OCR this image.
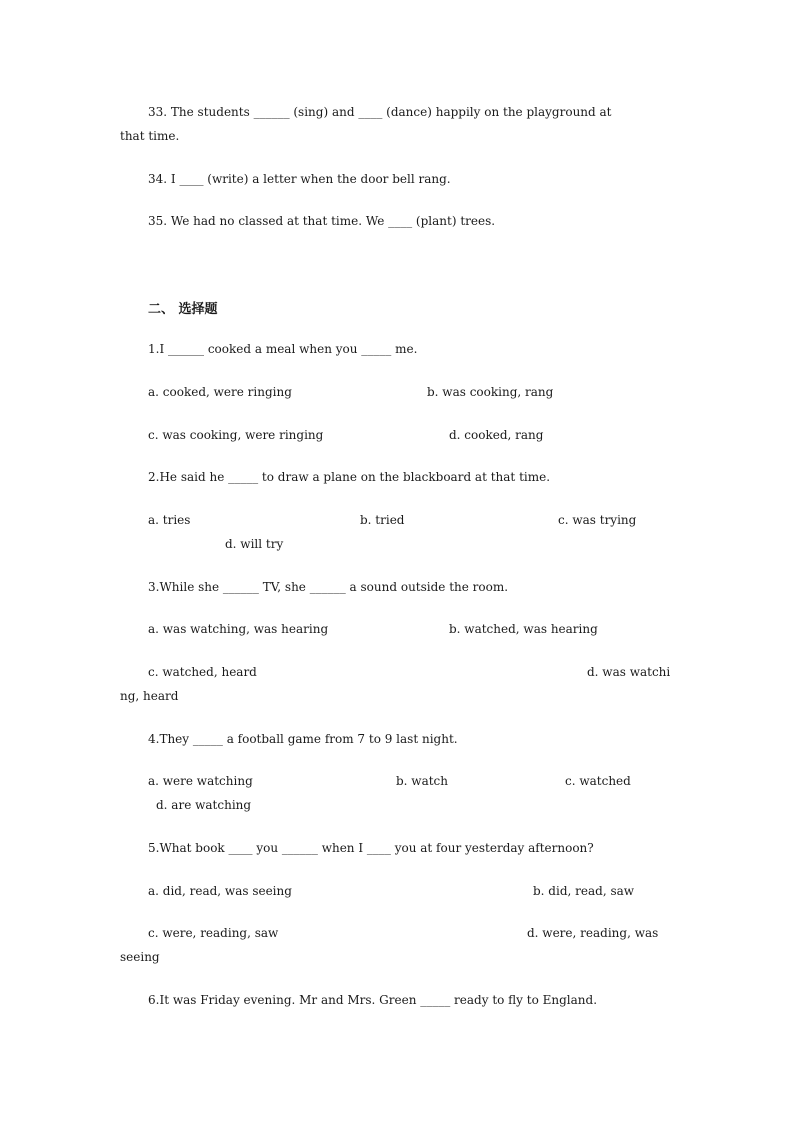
33. The students ______ (sing) and ____ (dance) happily on the playground at
that time.
34. I ____ (write) a letter when the door bell rang.
35. We had no classed at that time. We ____ (plant) trees.
二、 选择题
1.I ______ cooked a meal when you _____ me.
a. cooked, were ringing	b. was cooking, rang
c. was cooking, were ringing	d. cooked, rang
2.He said he _____ to draw a plane on the blackboard at that time.
a. tries	b. tried	c. was trying
d. will try
3.While she ______ TV, she ______ a sound outside the room.
a. was watching, was hearing	b. watched, was hearing
c. watched, heard	d. was watchi
ng, heard
4.They _____ a football game from 7 to 9 last night.
a. were watching	b. watch	c. watched
d. are watching
5.What book ____ you ______ when I ____ you at four yesterday afternoon?
a. did, read, was seeing	b. did, read, saw
c. were, reading, saw	d. were, reading, was
seeing
6.It was Friday evening. Mr and Mrs. Green _____ ready to fly to England.
